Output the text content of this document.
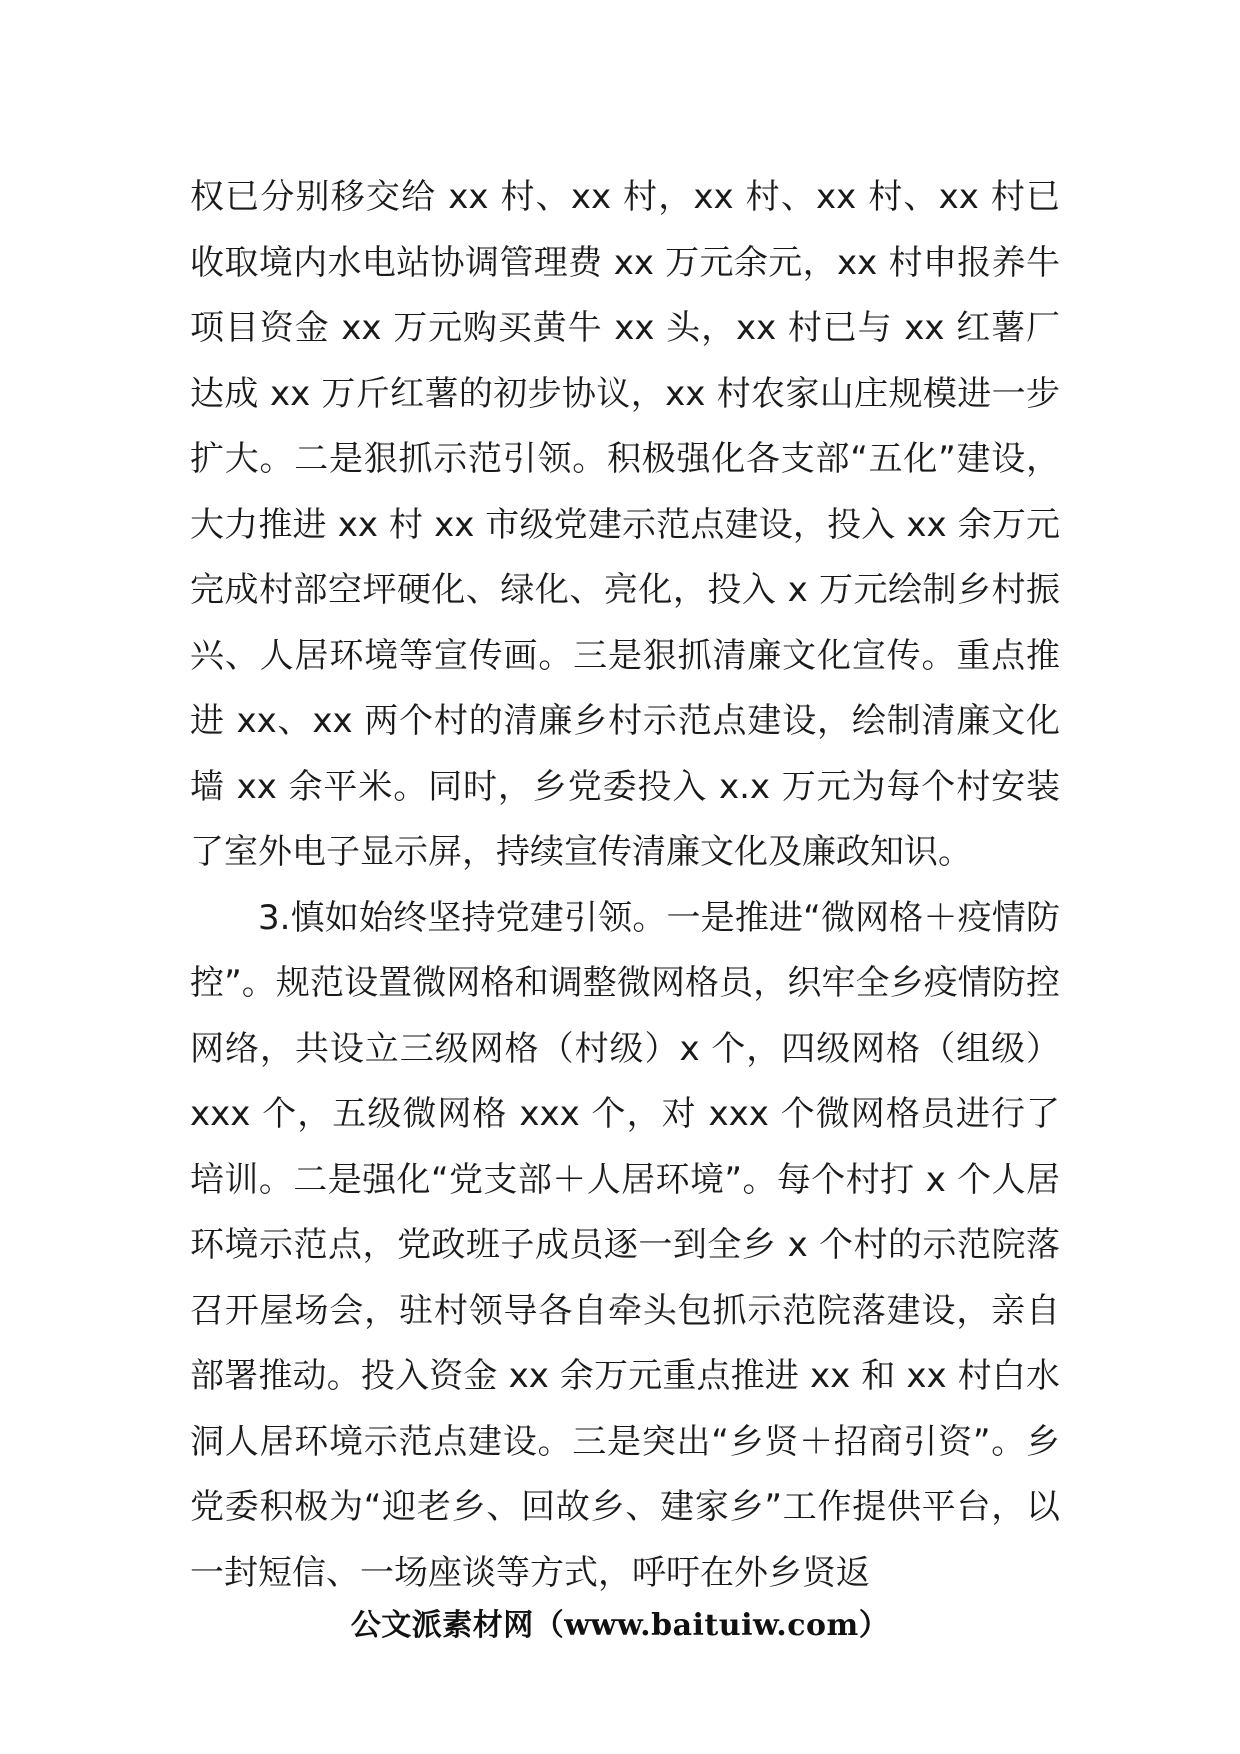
权已分别移交给 xx 村、xx 村，xx 村、xx 村、xx 村已收取境内水电站协调管理费 xx 万元余元，xx 村申报养牛项目资金 xx 万元购买黄牛 xx 头，xx 村已与 xx 红薯厂达成 xx 万斤红薯的初步协议，xx 村农家山庄规模进一步扩大。二是狠抓示范引领。积极强化各支部“五化”建设，大力推进 xx 村 xx 市级党建示范点建设，投入 xx 余万元完成村部空坪硬化、绿化、亮化，投入 x 万元绘制乡村振兴、人居环境等宣传画。三是狠抓清廉文化宣传。重点推进 xx、xx 两个村的清廉乡村示范点建设，绘制清廉文化墙 xx 余平米。同时，乡党委投入 x.x 万元为每个村安装了室外电子显示屏，持续宣传清廉文化及廉政知识。

3.慎如始终坚持党建引领。一是推进“微网格＋疫情防控”。规范设置微网格和调整微网格员，织牢全乡疫情防控网络，共设立三级网格（村级）x 个，四级网格（组级）xxx 个，五级微网格 xxx 个，对 xxx 个微网格员进行了培训。二是强化“党支部＋人居环境”。每个村打 x 个人居环境示范点，党政班子成员逐一到全乡 x 个村的示范院落召开屋场会，驻村领导各自牵头包抓示范院落建设，亲自部署推动。投入资金 xx 余万元重点推进 xx 和 xx 村白水洞人居环境示范点建设。三是突出“乡贤＋招商引资”。乡党委积极为“迎老乡、回故乡、建家乡”工作提供平台，以一封短信、一场座谈等方式，呼吁在外乡贤返

公文派素材网（www.baituiw.com）
